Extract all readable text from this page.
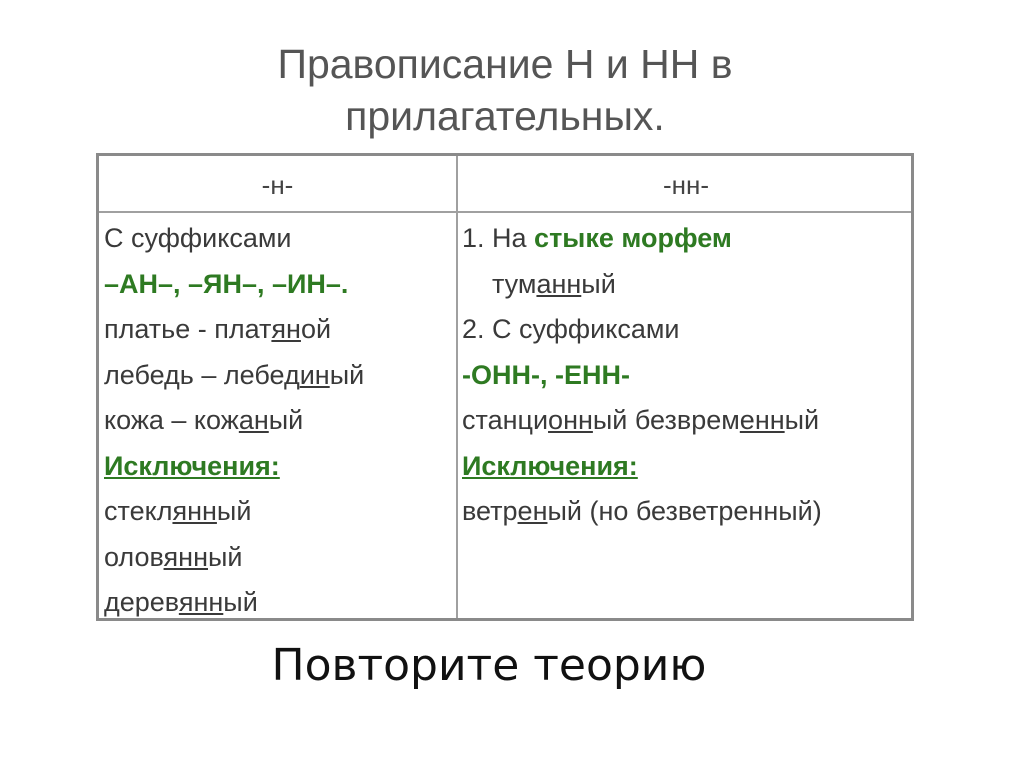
Правописание Н и НН в
прилагательных.
-н-	-нн-
С суффиксами
–АН–, –ЯН–, –ИН–.
платье - платяной
лебедь – лебединый
кожа – кожаный
Исключения:
стеклянный
оловянный
деревянный
1. На стыке морфем
туманный
2. С суффиксами
-ОНН-, -ЕНН-
станционный безвременный
Исключения:
ветреный (но безветренный)
Повторите теорию
